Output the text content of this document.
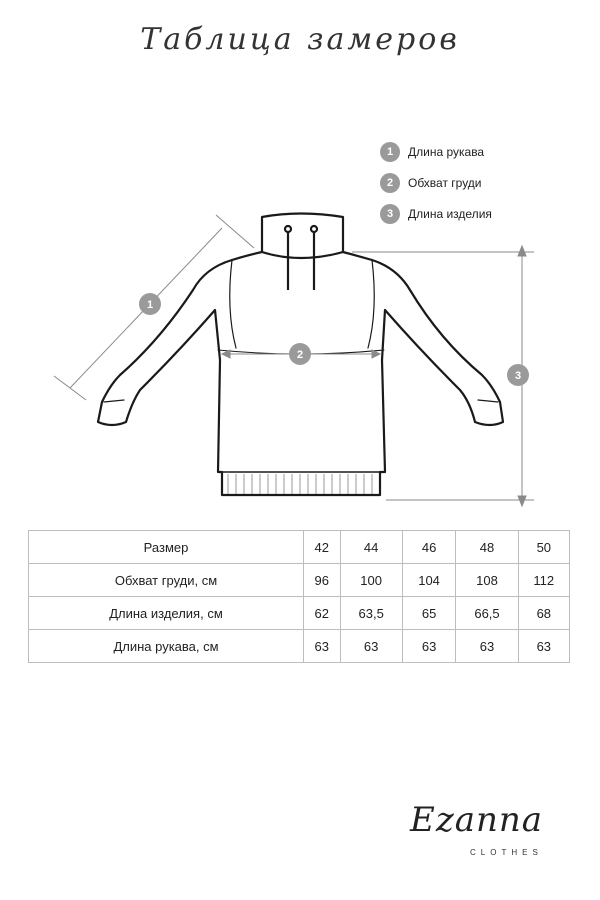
Таблица замеров
1	Длина рукава
2	Обхват груди
3	Длина изделия
1
2
3
Размер	42	44	46	48	50
Обхват груди, см	96	100	104	108	112
Длина изделия, см	62	63,5	65	66,5	68
Длина рукава, см	63	63	63	63	63
Ezanna
CLOTHES
